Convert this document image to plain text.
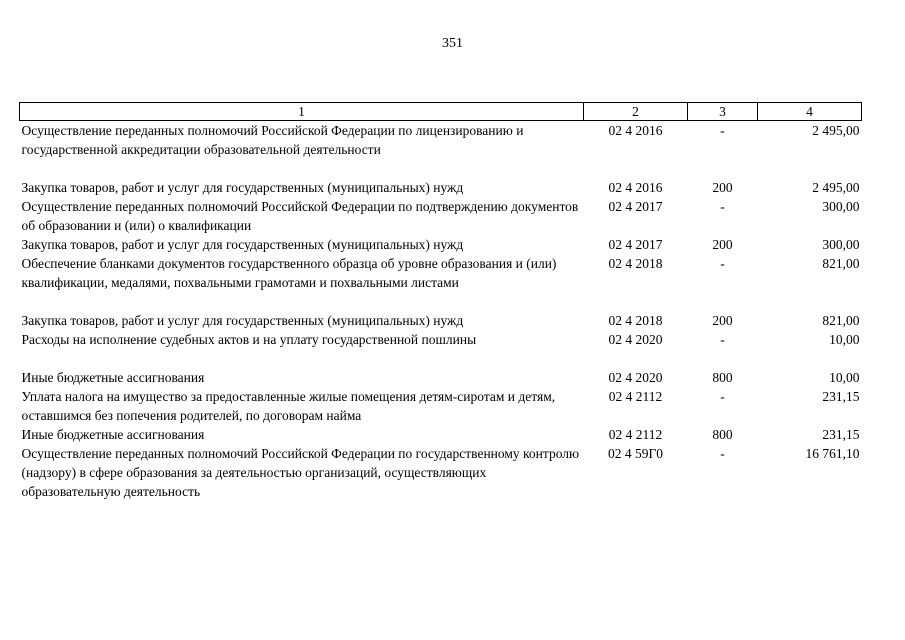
351
1	2	3	4
Осуществление переданных полномочий Российской Федерации по лицензированию и государственной аккредитации образовательной деятельности	02 4 2016	-	2 495,00

Закупка товаров, работ и услуг для государственных (муниципальных) нужд	02 4 2016	200	2 495,00
Осуществление переданных полномочий Российской Федерации по подтверждению документов об образовании и (или) о квалификации	02 4 2017	-	300,00
Закупка товаров, работ и услуг для государственных (муниципальных) нужд	02 4 2017	200	300,00
Обеспечение бланками документов государственного образца об уровне образования и (или) квалификации, медалями, похвальными грамотами и похвальными листами	02 4 2018	-	821,00

Закупка товаров, работ и услуг для государственных (муниципальных) нужд	02 4 2018	200	821,00
Расходы на исполнение судебных актов и на уплату государственной пошлины	02 4 2020	-	10,00

Иные бюджетные ассигнования	02 4 2020	800	10,00
Уплата налога на имущество за предоставленные жилые помещения детям-сиротам и детям, оставшимся без попечения родителей, по договорам найма	02 4 2112	-	231,15
Иные бюджетные ассигнования	02 4 2112	800	231,15
Осуществление переданных полномочий Российской Федерации по государственному контролю (надзору) в сфере образования за деятельностью организаций, осуществляющих образовательную деятельность	02 4 59Г0	-	16 761,10
